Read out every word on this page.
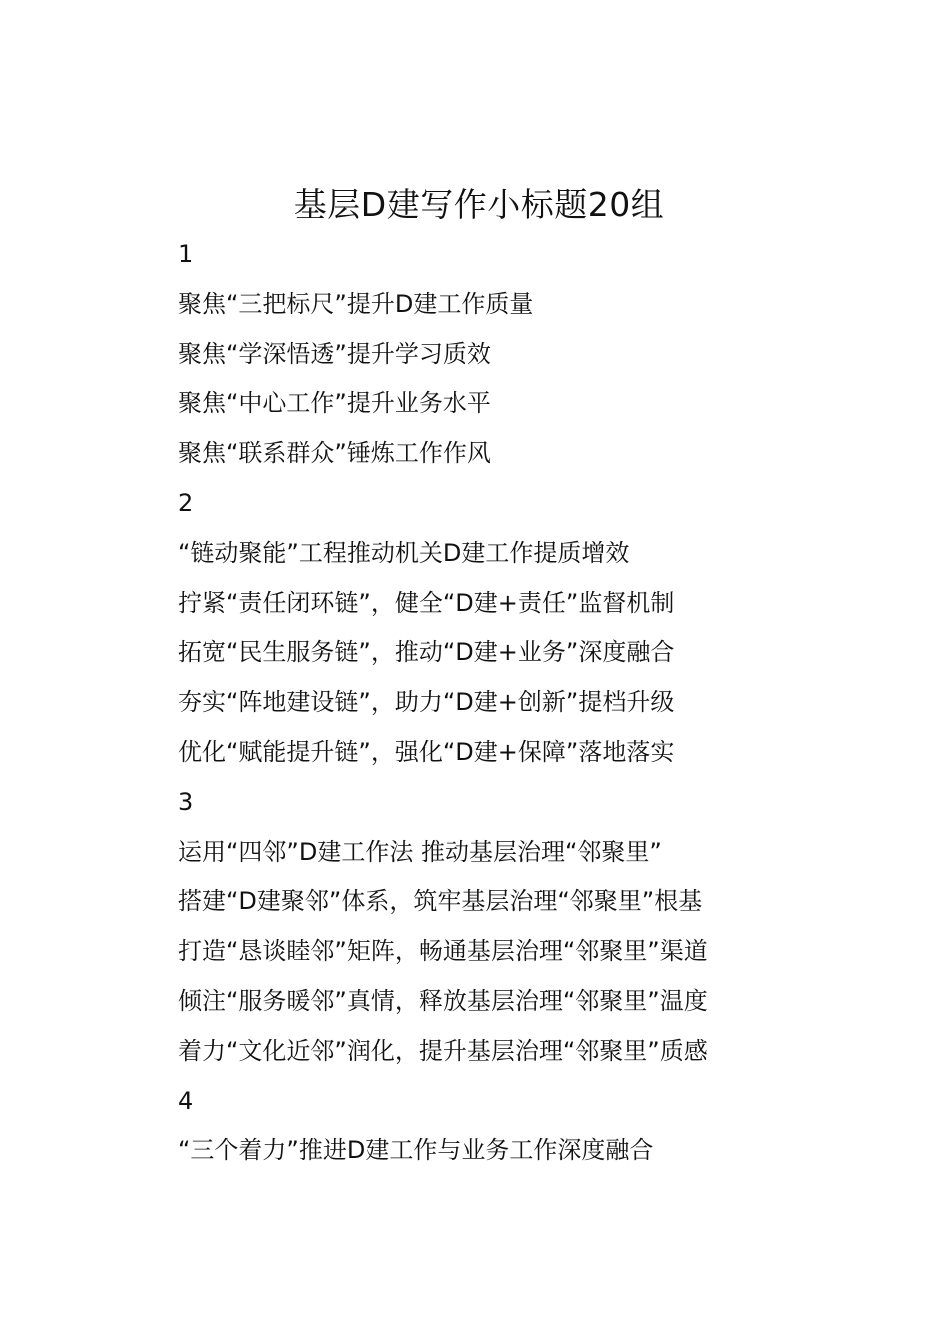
基层D建写作小标题20组
1
聚焦“三把标尺”提升D建工作质量
聚焦“学深悟透”提升学习质效
聚焦“中心工作”提升业务水平
聚焦“联系群众”锤炼工作作风
2
“链动聚能”工程推动机关D建工作提质增效
拧紧“责任闭环链”，健全“D建+责任”监督机制
拓宽“民生服务链”，推动“D建+业务”深度融合
夯实“阵地建设链”，助力“D建+创新”提档升级
优化“赋能提升链”，强化“D建+保障”落地落实
3
运用“四邻”D建工作法 推动基层治理“邻聚里”
搭建“D建聚邻”体系，筑牢基层治理“邻聚里”根基
打造“恳谈睦邻”矩阵，畅通基层治理“邻聚里”渠道
倾注“服务暖邻”真情，释放基层治理“邻聚里”温度
着力“文化近邻”润化，提升基层治理“邻聚里”质感
4
“三个着力”推进D建工作与业务工作深度融合
